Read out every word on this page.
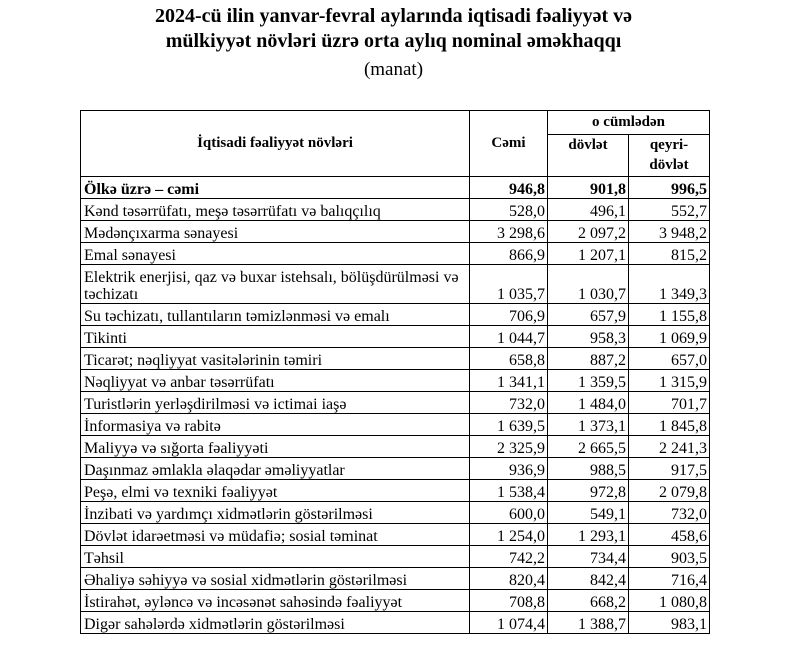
2024-cü ilin yanvar-fevral aylarında iqtisadi fəaliyyət və
mülkiyyət növləri üzrə orta aylıq nominal əməkhaqqı
(manat)
İqtisadi fəaliyyət növləri	Cəmi	o cümlədən	
		dövlət	qeyri-dövlət
Ölkə üzrə – cəmi	946,8	901,8	996,5
Kənd təsərrüfatı, meşə təsərrüfatı və balıqçılıq	528,0	496,1	552,7
Mədənçıxarma sənayesi	3 298,6	2 097,2	3 948,2
Emal sənayesi	866,9	1 207,1	815,2
Elektrik enerjisi, qaz və buxar istehsalı, bölüşdürülməsi və təchizatı	1 035,7	1 030,7	1 349,3
Su təchizatı, tullantıların təmizlənməsi və emalı	706,9	657,9	1 155,8
Tikinti	1 044,7	958,3	1 069,9
Ticarət; nəqliyyat vasitələrinin təmiri	658,8	887,2	657,0
Nəqliyyat və anbar təsərrüfatı	1 341,1	1 359,5	1 315,9
Turistlərin yerləşdirilməsi və ictimai iaşə	732,0	1 484,0	701,7
İnformasiya və rabitə	1 639,5	1 373,1	1 845,8
Maliyyə və sığorta fəaliyyəti	2 325,9	2 665,5	2 241,3
Daşınmaz əmlakla əlaqədar əməliyyatlar	936,9	988,5	917,5
Peşə, elmi və texniki fəaliyyət	1 538,4	972,8	2 079,8
İnzibati və yardımçı xidmətlərin göstərilməsi	600,0	549,1	732,0
Dövlət idarəetməsi və müdafiə; sosial təminat	1 254,0	1 293,1	458,6
Təhsil	742,2	734,4	903,5
Əhaliyə səhiyyə və sosial xidmətlərin göstərilməsi	820,4	842,4	716,4
İstirahət, əyləncə və incəsənət sahəsində fəaliyyət	708,8	668,2	1 080,8
Digər sahələrdə xidmətlərin göstərilməsi	1 074,4	1 388,7	983,1
